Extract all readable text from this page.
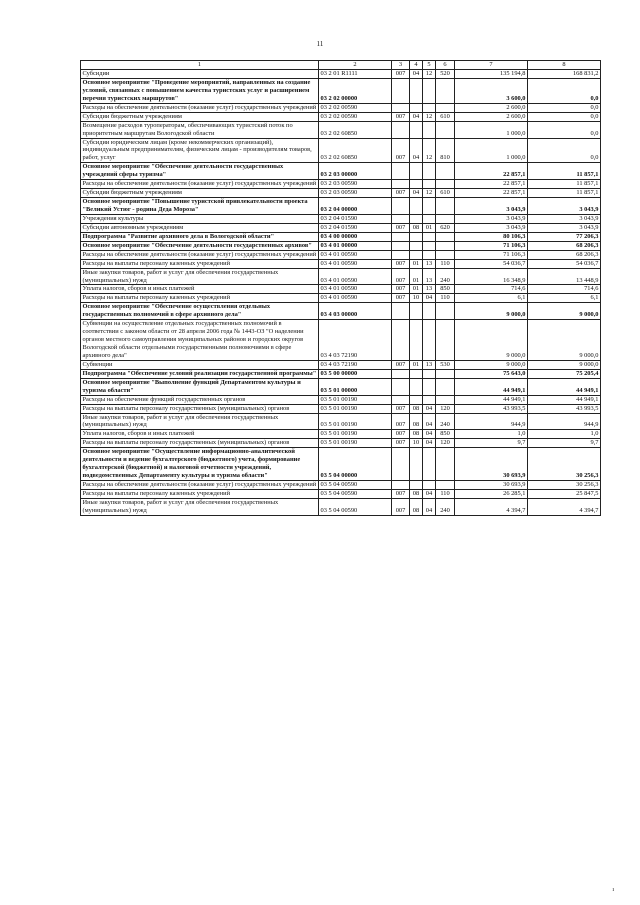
11
1	2	3	4	5	6	7	8
Субсидии	03 2 01 R1111	007	04	12	520	135 194,8	168 831,2
Основное мероприятие "Проведение мероприятий, направленных на создание условий, связанных с повышением качества туристских услуг и расширением перечня туристских маршрутов"	03 2 02 00000					3 600,0	0,0
Расходы на обеспечение деятельности (оказание услуг) государственных учреждений	03 2 02 00590					2 600,0	0,0
Субсидии бюджетным учреждениям	03 2 02 00590	007	04	12	610	2 600,0	0,0
Возмещение расходов туроператорам, обеспечивающих туристский поток по приоритетным маршрутам Вологодской области	03 2 02 60850					1 000,0	0,0
Субсидии юридическим лицам (кроме некоммерческих организаций), индивидуальным предпринимателям, физическим лицам - производителям товаров, работ, услуг	03 2 02 60850	007	04	12	810	1 000,0	0,0
Основное мероприятие "Обеспечение деятельности государственных учреждений сферы туризма"	03 2 03 00000					22 857,1	11 857,1
Расходы на обеспечение деятельности (оказание услуг) государственных учреждений	03 2 03 00590					22 857,1	11 857,1
Субсидии бюджетным учреждениям	03 2 03 00590	007	04	12	610	22 857,1	11 857,1
Основное мероприятие "Повышение туристской привлекательности проекта "Великий Устюг - родина Деда Мороза"	03 2 04 00000					3 043,9	3 043,9
Учреждения культуры	03 2 04 01590					3 043,9	3 043,9
Субсидии автономным учреждениям	03 2 04 01590	007	08	01	620	3 043,9	3 043,9
Подпрограмма "Развитие архивного дела в Вологодской области"	03 4 00 00000					80 106,3	77 206,3
Основное мероприятие "Обеспечение деятельности государственных архивов"	03 4 01 00000					71 106,3	68 206,3
Расходы на обеспечение деятельности (оказание услуг) государственных учреждений	03 4 01 00590					71 106,3	68 206,3
Расходы на выплаты персоналу казенных учреждений	03 4 01 00590	007	01	13	110	54 036,7	54 036,7
Иные закупки товаров, работ и услуг для обеспечения государственных (муниципальных) нужд	03 4 01 00590	007	01	13	240	16 348,9	13 448,9
Уплата налогов, сборов и иных платежей	03 4 01 00590	007	01	13	850	714,6	714,6
Расходы на выплаты персоналу казенных учреждений	03 4 01 00590	007	10	04	110	6,1	6,1
Основное мероприятие "Обеспечение осуществления отдельных государственных полномочий в сфере архивного дела"	03 4 03 00000					9 000,0	9 000,0
Субвенции на осуществление отдельных государственных полномочий в соответствии с законом области от 28 апреля 2006 года № 1443-ОЗ "О наделении органов местного самоуправления муниципальных районов и городских округов Вологодской области отдельными государственными полномочиями в сфере архивного дела"	03 4 03 72190					9 000,0	9 000,0
Субвенции	03 4 03 72190	007	01	13	530	9 000,0	9 000,0
Подпрограмма "Обеспечение условий реализации государственной программы"	03 5 00 00000					75 643,0	75 205,4
Основное мероприятие "Выполнение функций Департаментом культуры и туризма области"	03 5 01 00000					44 949,1	44 949,1
Расходы на обеспечение функций государственных органов	03 5 01 00190					44 949,1	44 949,1
Расходы на выплаты персоналу государственных (муниципальных) органов	03 5 01 00190	007	08	04	120	43 993,5	43 993,5
Иные закупки товаров, работ и услуг для обеспечения государственных (муниципальных) нужд	03 5 01 00190	007	08	04	240	944,9	944,9
Уплата налогов, сборов и иных платежей	03 5 01 00190	007	08	04	850	1,0	1,0
Расходы на выплаты персоналу государственных (муниципальных) органов	03 5 01 00190	007	10	04	120	9,7	9,7
Основное мероприятие "Осуществление информационно-аналитической деятельности и ведение бухгалтерского (бюджетного) учета, формирование бухгалтерской (бюджетной) и налоговой отчетности учреждений, подведомственных Департаменту культуры и туризма области"	03 5 04 00000					30 693,9	30 256,3
Расходы на обеспечение деятельности (оказание услуг) государственных учреждений	03 5 04 00590					30 693,9	30 256,3
Расходы на выплаты персоналу казенных учреждений	03 5 04 00590	007	08	04	110	26 285,1	25 847,5
Иные закупки товаров, работ и услуг для обеспечения государственных (муниципальных) нужд	03 5 04 00590	007	08	04	240	4 394,7	4 394,7
ı
